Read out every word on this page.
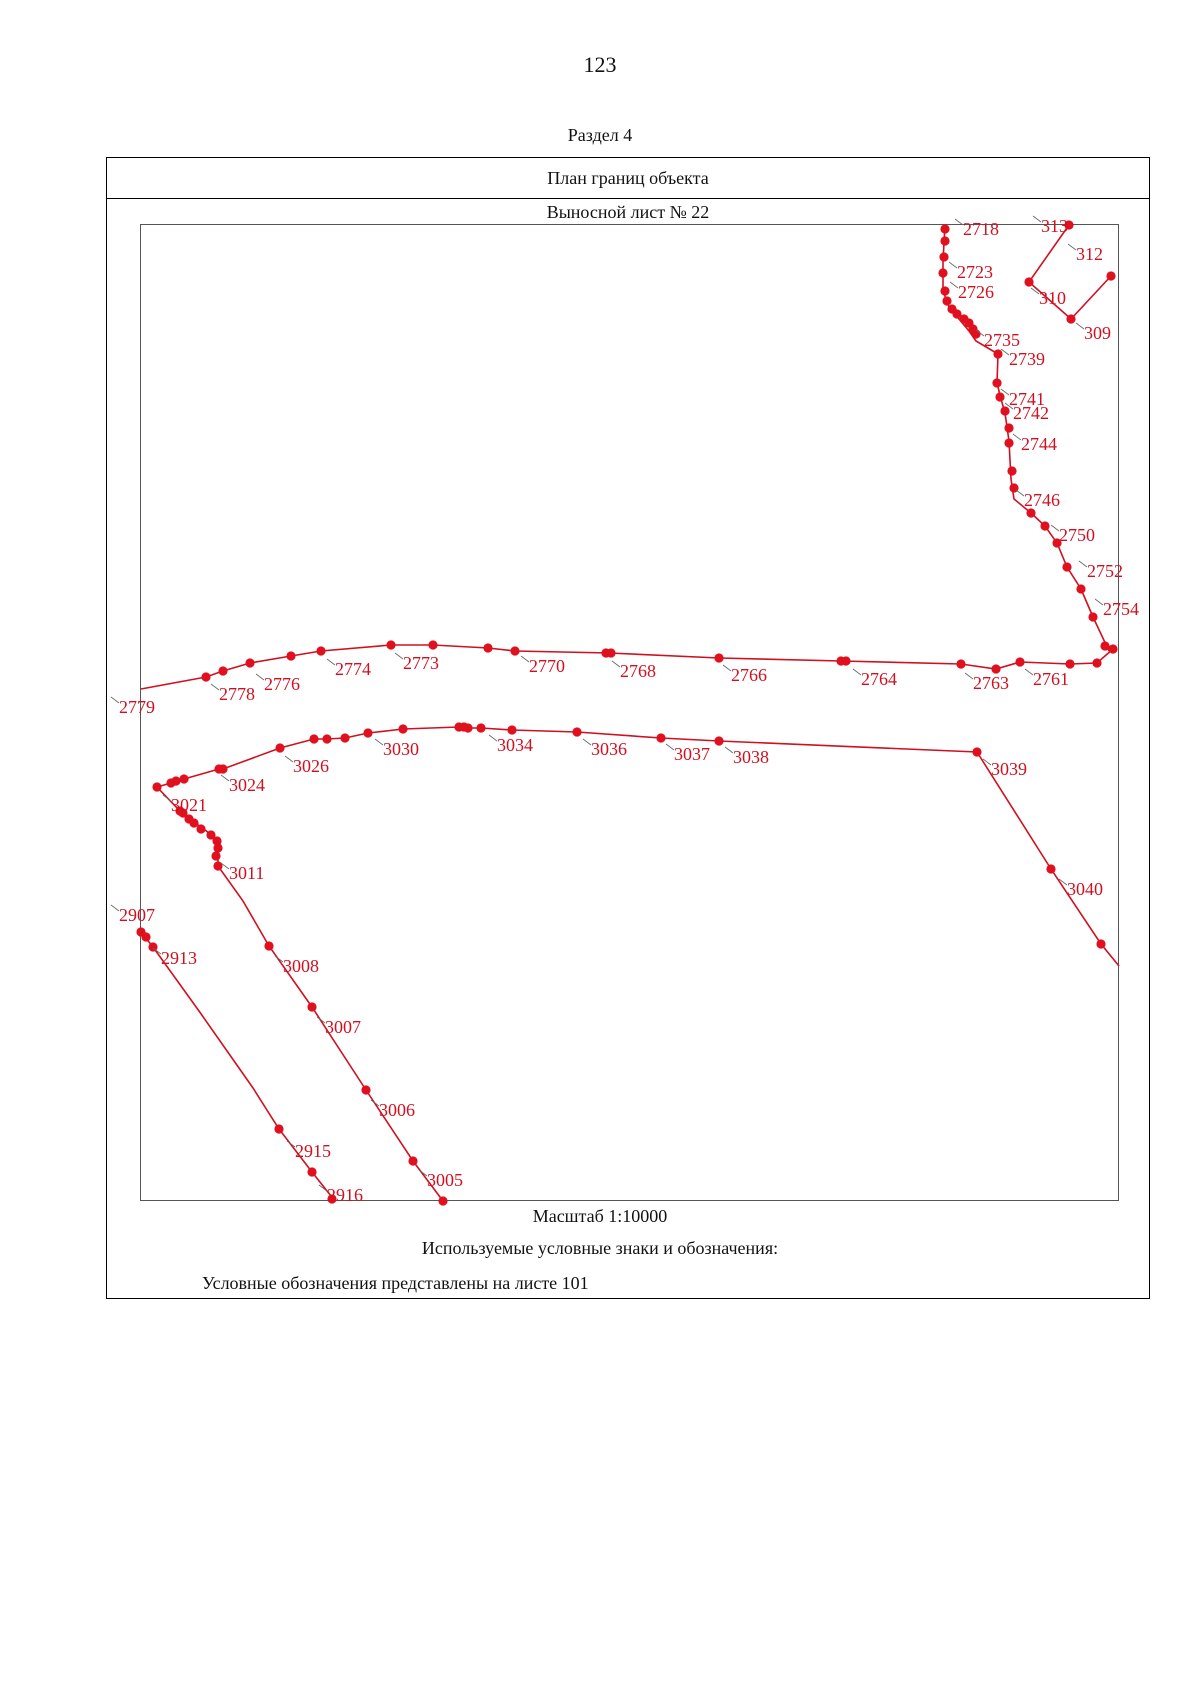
123
Раздел 4
План границ объекта
Выносной лист № 22
2718 313
312
2723
2726	310
309
2735
2739
2741
2742
2744
2746
2750
2752
2754
2774 2773	2770	2768	2766	2764	2763 2761
2778 2776
2779
3030	3034	3036	3037 3038
3039
3026
3024
3021
3011
3040
2907
2913	3008
3007
3006
2915
3005
2916
Масштаб 1:10000
Используемые условные знаки и обозначения:
Условные обозначения представлены на листе 101
